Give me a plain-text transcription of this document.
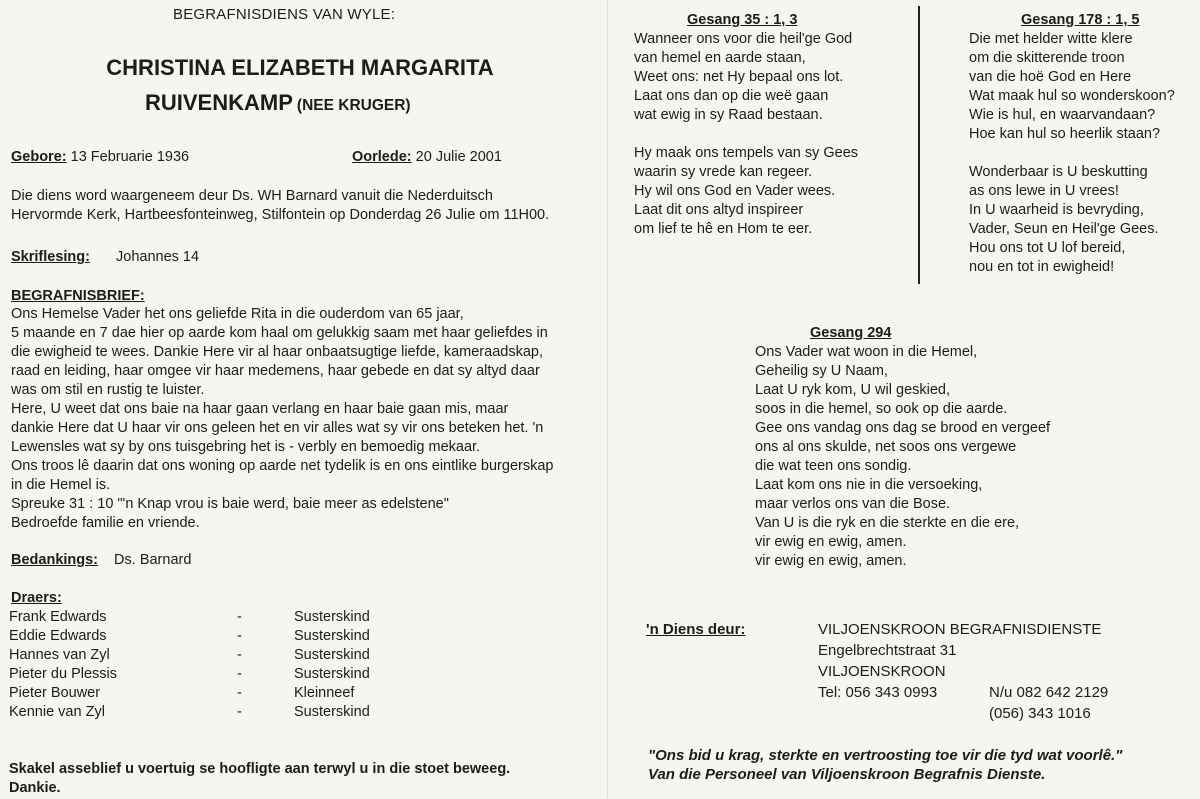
BEGRAFNISDIENS VAN WYLE:
CHRISTINA ELIZABETH MARGARITA
RUIVENKAMP (NEE KRUGER)
Gebore: 13 Februarie 1936	Oorlede: 20 Julie 2001
Die diens word waargeneem deur Ds. WH Barnard vanuit die Nederduitsch
Hervormde Kerk, Hartbeesfonteinweg, Stilfontein op Donderdag 26 Julie om 11H00.
Skriflesing: Johannes 14
BEGRAFNISBRIEF:
Ons Hemelse Vader het ons geliefde Rita in die ouderdom van 65 jaar,
5 maande en 7 dae hier op aarde kom haal om gelukkig saam met haar geliefdes in
die ewigheid te wees. Dankie Here vir al haar onbaatsugtige liefde, kameraadskap,
raad en leiding, haar omgee vir haar medemens, haar gebede en dat sy altyd daar
was om stil en rustig te luister.
Here, U weet dat ons baie na haar gaan verlang en haar baie gaan mis, maar
dankie Here dat U haar vir ons geleen het en vir alles wat sy vir ons beteken het. 'n
Lewensles wat sy by ons tuisgebring het is - verbly en bemoedig mekaar.
Ons troos lê daarin dat ons woning op aarde net tydelik is en ons eintlike burgerskap
in die Hemel is.
Spreuke 31 : 10 "'n Knap vrou is baie werd, baie meer as edelstene"
Bedroefde familie en vriende.
Bedankings: Ds. Barnard
Draers:
Frank Edwards	-	Susterskind
Eddie Edwards	-	Susterskind
Hannes van Zyl	-	Susterskind
Pieter du Plessis	-	Susterskind
Pieter Bouwer	-	Kleinneef
Kennie van Zyl	-	Susterskind
Skakel asseblief u voertuig se hoofligte aan terwyl u in die stoet beweeg.
Dankie.
Gesang 35 : 1, 3
Wanneer ons voor die heil'ge God
van hemel en aarde staan,
Weet ons: net Hy bepaal ons lot.
Laat ons dan op die weë gaan
wat ewig in sy Raad bestaan.
Hy maak ons tempels van sy Gees
waarin sy vrede kan regeer.
Hy wil ons God en Vader wees.
Laat dit ons altyd inspireer
om lief te hê en Hom te eer.
Gesang 178 : 1, 5
Die met helder witte klere
om die skitterende troon
van die hoë God en Here
Wat maak hul so wonderskoon?
Wie is hul, en waarvandaan?
Hoe kan hul so heerlik staan?
Wonderbaar is U beskutting
as ons lewe in U vrees!
In U waarheid is bevryding,
Vader, Seun en Heil'ge Gees.
Hou ons tot U lof bereid,
nou en tot in ewigheid!
Gesang 294
Ons Vader wat woon in die Hemel,
Geheilig sy U Naam,
Laat U ryk kom, U wil geskied,
soos in die hemel, so ook op die aarde.
Gee ons vandag ons dag se brood en vergeef
ons al ons skulde, net soos ons vergewe
die wat teen ons sondig.
Laat kom ons nie in die versoeking,
maar verlos ons van die Bose.
Van U is die ryk en die sterkte en die ere,
vir ewig en ewig, amen.
vir ewig en ewig, amen.
'n Diens deur:	VILJOENSKROON BEGRAFNISDIENSTE
Engelbrechtstraat 31
VILJOENSKROON
Tel: 056 343 0993	N/u 082 642 2129
(056) 343 1016
"Ons bid u krag, sterkte en vertroosting toe vir die tyd wat voorlê."
Van die Personeel van Viljoenskroon Begrafnis Dienste.
